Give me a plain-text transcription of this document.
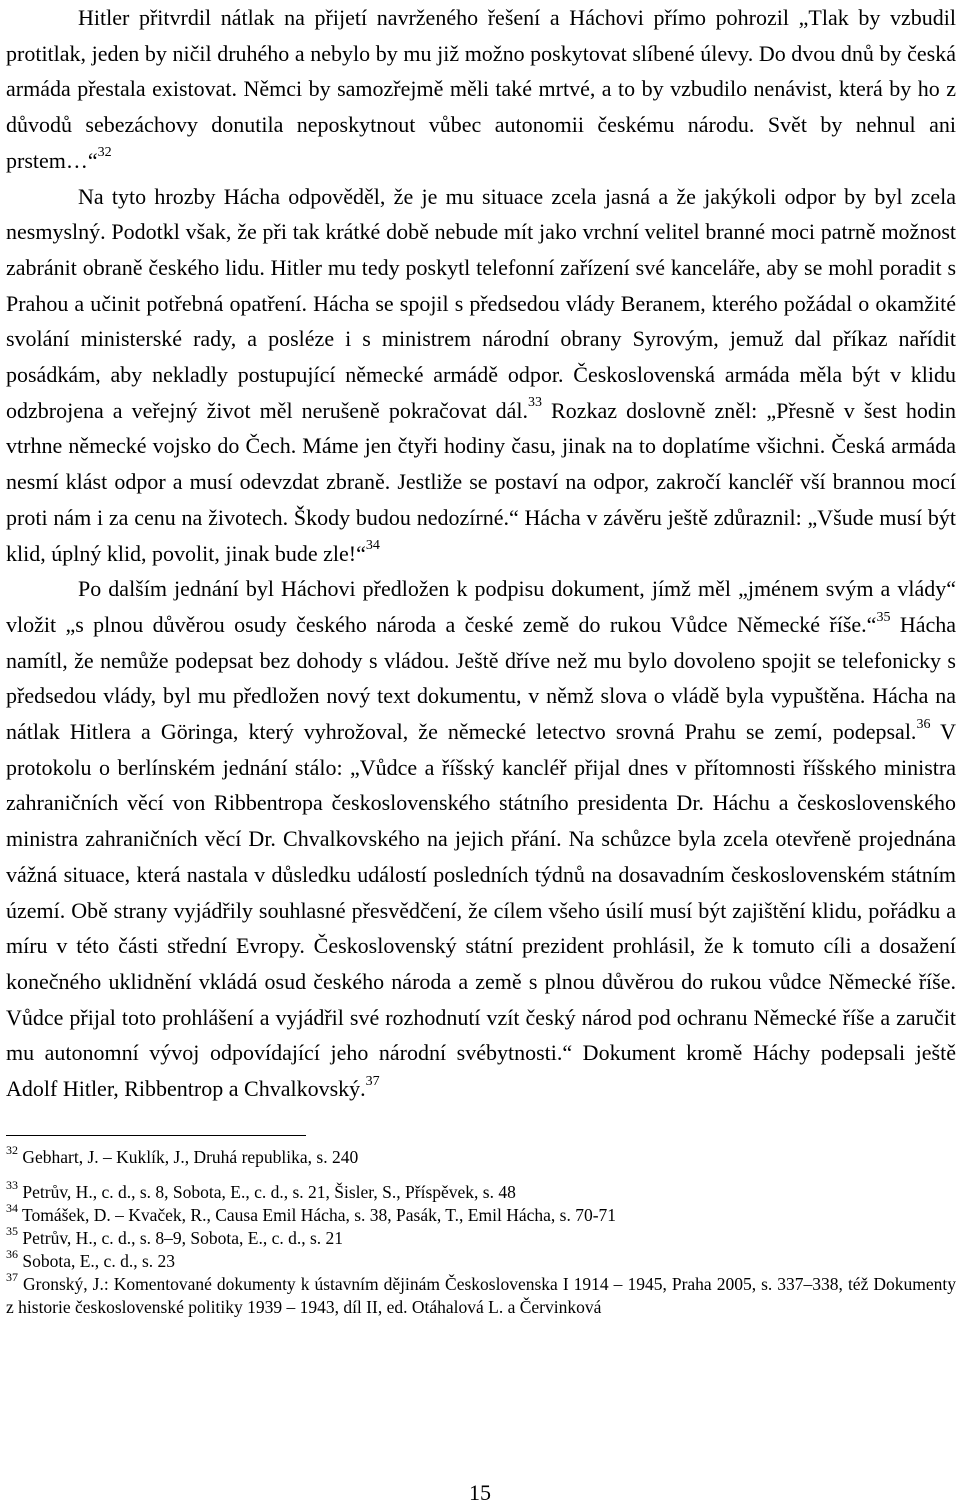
Hitler přitvrdil nátlak na přijetí navrženého řešení a Háchovi přímo pohrozil „Tlak by vzbudil protitlak, jeden by ničil druhého a nebylo by mu již možno poskytovat slíbené úlevy. Do dvou dnů by česká armáda přestala existovat. Němci by samozřejmě měli také mrtvé, a to by vzbudilo nenávist, která by ho z důvodů sebezáchovy donutila neposkytnout vůbec autonomii českému národu. Svět by nehnul ani prstem…“$^{32}$

Na tyto hrozby Hácha odpověděl, že je mu situace zcela jasná a že jakýkoli odpor by byl zcela nesmyslný. Podotkl však, že při tak krátké době nebude mít jako vrchní velitel branné moci patrně možnost zabránit obraně českého lidu. Hitler mu tedy poskytl telefonní zařízení své kanceláře, aby se mohl poradit s Prahou a učinit potřebná opatření. Hácha se spojil s předsedou vlády Beranem, kterého požádal o okamžité svolání ministerské rady, a posléze i s ministrem národní obrany Syrovým, jemuž dal příkaz nařídit posádkám, aby nekladly postupující německé armádě odpor. Československá armáda měla být v klidu odzbrojena a veřejný život měl nerušeně pokračovat dál.$^{33}$ Rozkaz doslovně zněl: „Přesně v šest hodin vtrhne německé vojsko do Čech. Máme jen čtyři hodiny času, jinak na to doplatíme všichni. Česká armáda nesmí klást odpor a musí odevzdat zbraně. Jestliže se postaví na odpor, zakročí kancléř vší brannou mocí proti nám i za cenu na životech. Škody budou nedozírné.“ Hácha v závěru ještě zdůraznil: „Všude musí být klid, úplný klid, povolit, jinak bude zle!“$^{34}$

Po dalším jednání byl Háchovi předložen k podpisu dokument, jímž měl „jménem svým a vlády“ vložit „s plnou důvěrou osudy českého národa a české země do rukou Vůdce Německé říše.“$^{35}$ Hácha namítl, že nemůže podepsat bez dohody s vládou. Ještě dříve než mu bylo dovoleno spojit se telefonicky s předsedou vlády, byl mu předložen nový text dokumentu, v němž slova o vládě byla vypuštěna. Hácha na nátlak Hitlera a Göringa, který vyhrožoval, že německé letectvo srovná Prahu se zemí, podepsal.$^{36}$ V protokolu o berlínském jednání stálo: „Vůdce a říšský kancléř přijal dnes v přítomnosti říšského ministra zahraničních věcí von Ribbentropa československého státního presidenta Dr. Háchu a československého ministra zahraničních věcí Dr. Chvalkovského na jejich přání. Na schůzce byla zcela otevřeně projednána vážná situace, která nastala v důsledku událostí posledních týdnů na dosavadním československém státním území. Obě strany vyjádřily souhlasné přesvědčení, že cílem všeho úsilí musí být zajištění klidu, pořádku a míru v této části střední Evropy. Československý státní prezident prohlásil, že k tomuto cíli a dosažení konečného uklidnění vkládá osud českého národa a země s plnou důvěrou do rukou vůdce Německé říše. Vůdce přijal toto prohlášení a vyjádřil své rozhodnutí vzít český národ pod ochranu Německé říše a zaručit mu autonomní vývoj odpovídající jeho národní svébytnosti.“ Dokument kromě Háchy podepsali ještě Adolf Hitler, Ribbentrop a Chvalkovský.$^{37}$

$^{32}$ Gebhart, J. – Kuklík, J., Druhá republika, s. 240

$^{33}$ Petrův, H., c. d., s. 8, Sobota, E., c. d., s. 21, Šisler, S., Příspěvek, s. 48

$^{34}$ Tomášek, D. – Kvaček, R., Causa Emil Hácha, s. 38, Pasák, T., Emil Hácha, s. 70-71

$^{35}$ Petrův, H., c. d., s. 8–9, Sobota, E., c. d., s. 21

$^{36}$ Sobota, E., c. d., s. 23

$^{37}$ Gronský, J.: Komentované dokumenty k ústavním dějinám Československa I 1914 – 1945, Praha 2005, s. 337–338, též Dokumenty z historie československé politiky 1939 – 1943, díl II, ed. Otáhalová L. a Červinková

15
